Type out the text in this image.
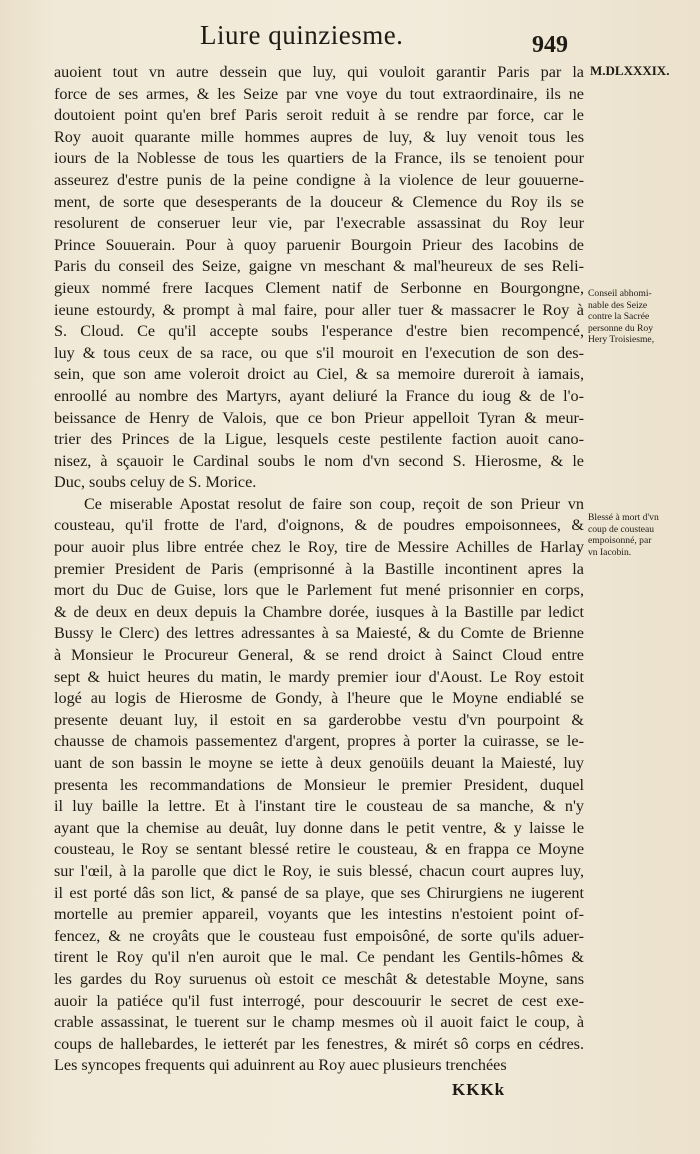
Liure quinziesme.	949
M.DLXXXIX.
auoient tout vn autre dessein que luy, qui vouloit garantir Paris par la
force de ses armes, & les Seize par vne voye du tout extraordinaire, ils ne
doutoient point qu'en bref Paris seroit reduit à se rendre par force, car le
Roy auoit quarante mille hommes aupres de luy, & luy venoit tous les
iours de la Noblesse de tous les quartiers de la France, ils se tenoient pour
asseurez d'estre punis de la peine condigne à la violence de leur gouuerne-
ment, de sorte que desesperants de la douceur & Clemence du Roy ils se
resolurent de conseruer leur vie, par l'execrable assassinat du Roy leur
Prince Souuerain. Pour à quoy paruenir Bourgoin Prieur des Iacobins de
Paris du conseil des Seize, gaigne vn meschant & mal'heureux de ses Reli-
gieux nommé frere Iacques Clement natif de Serbonne en Bourgongne,
ieune estourdy, & prompt à mal faire, pour aller tuer & massacrer le Roy à
S. Cloud. Ce qu'il accepte soubs l'esperance d'estre bien recompencé,
luy & tous ceux de sa race, ou que s'il mouroit en l'execution de son des-
sein, que son ame voleroit droict au Ciel, & sa memoire dureroit à iamais,
enroollé au nombre des Martyrs, ayant deliuré la France du ioug & de l'o-
beissance de Henry de Valois, que ce bon Prieur appelloit Tyran & meur-
trier des Princes de la Ligue, lesquels ceste pestilente faction auoit cano-
nisez, à sçauoir le Cardinal soubs le nom d'vn second S. Hierosme, & le
Duc, soubs celuy de S. Morice.
Ce miserable Apostat resolut de faire son coup, reçoit de son Prieur vn
cousteau, qu'il frotte de l'ard, d'oignons, & de poudres empoisonnees, &
pour auoir plus libre entrée chez le Roy, tire de Messire Achilles de Harlay
premier President de Paris (emprisonné à la Bastille incontinent apres la
mort du Duc de Guise, lors que le Parlement fut mené prisonnier en corps,
& de deux en deux depuis la Chambre dorée, iusques à la Bastille par ledict
Bussy le Clerc) des lettres adressantes à sa Maiesté, & du Comte de Brienne
à Monsieur le Procureur General, & se rend droict à Sainct Cloud entre
sept & huict heures du matin, le mardy premier iour d'Aoust. Le Roy estoit
logé au logis de Hierosme de Gondy, à l'heure que le Moyne endiablé se
presente deuant luy, il estoit en sa garderobbe vestu d'vn pourpoint &
chausse de chamois passementez d'argent, propres à porter la cuirasse, se le-
uant de son bassin le moyne se iette à deux genoüils deuant la Maiesté, luy
presenta les recommandations de Monsieur le premier President, duquel
il luy baille la lettre. Et à l'instant tire le cousteau de sa manche, & n'y
ayant que la chemise au deuât, luy donne dans le petit ventre, & y laisse le
cousteau, le Roy se sentant blessé retire le cousteau, & en frappa ce Moyne
sur l'œil, à la parolle que dict le Roy, ie suis blessé, chacun court aupres luy,
il est porté dâs son lict, & pansé de sa playe, que ses Chirurgiens ne iugerent
mortelle au premier appareil, voyants que les intestins n'estoient point of-
fencez, & ne croyâts que le cousteau fust empoisôné, de sorte qu'ils aduer-
tirent le Roy qu'il n'en auroit que le mal. Ce pendant les Gentils-hômes &
les gardes du Roy suruenus où estoit ce meschât & detestable Moyne, sans
auoir la patiéce qu'il fust interrogé, pour descouurir le secret de cest exe-
crable assassinat, le tuerent sur le champ mesmes où il auoit faict le coup, à
coups de hallebardes, le ietterét par les fenestres, & mirét sô corps en cédres.
Les syncopes frequents qui aduinrent au Roy auec plusieurs trenchées
Conseil abhomi-
nable des Seize
contre la Sacrée
personne du Roy
Hery Troisiesme,
Blessé à mort d'vn
coup de cousteau
empoisonné, par
vn Iacobin.
KKKk
